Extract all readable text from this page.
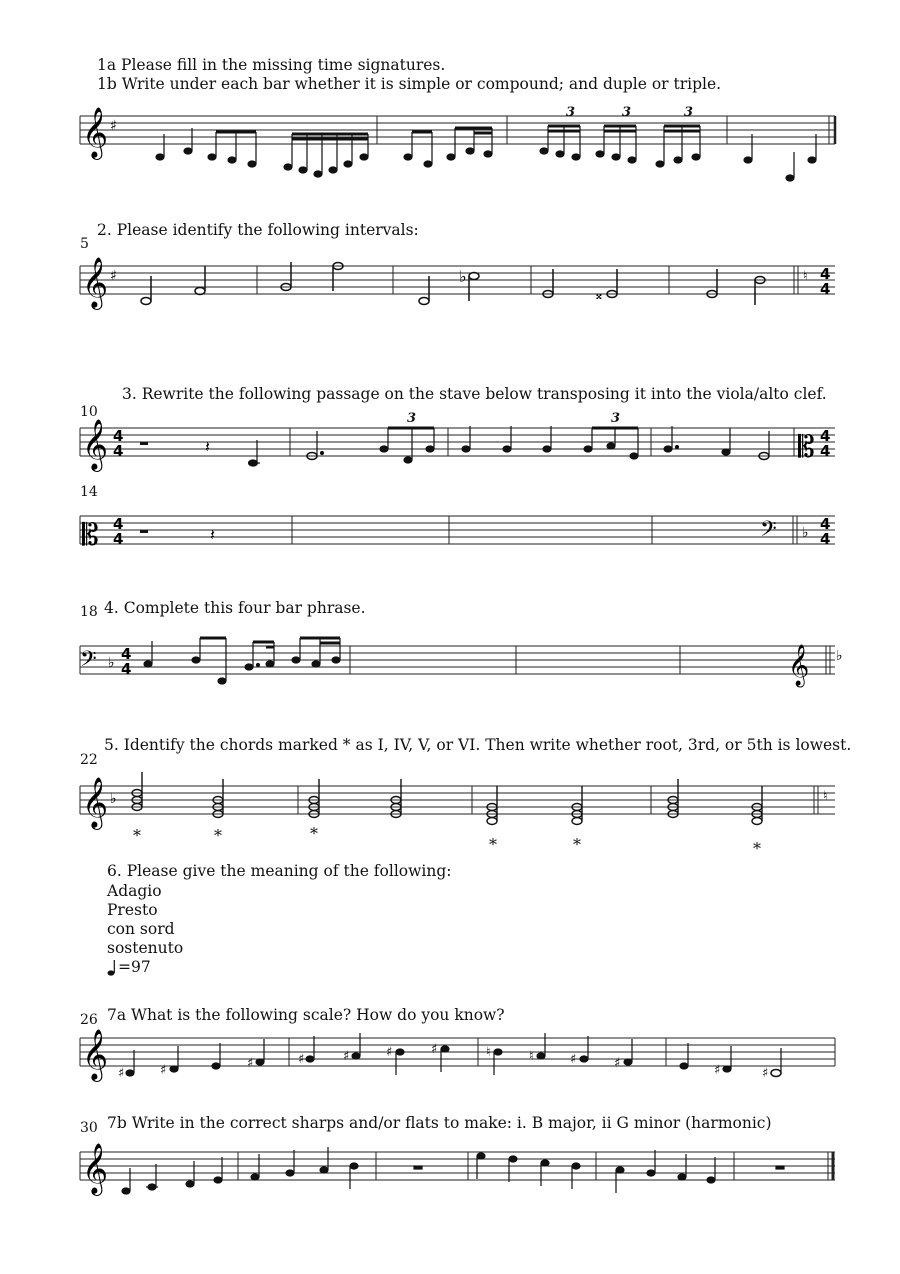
1a Please fill in the missing time signatures.
1b Write under each bar whether it is simple or compound; and duple or triple.
𝄞 ♯
3	3	3
5
2. Please identify the following intervals:
𝄞 ♯	♭
𝄪
♮ 4
4
3. Rewrite the following passage on the stave below transposing it into the viola/alto clef.
10
𝄞 4
4	𝄽
3	3
𝄡 4
4
14
𝄡 4
4	𝄽	𝄢 ♭ 4
4
18 4. Complete this four bar phrase.
𝄢 ♭ 4
4	𝄞 ♭
5. Identify the chords marked * as I, IV, V, or VI. Then write whether root, 3rd, or 5th is lowest.
22
𝄞 ♭
*	*	*
*	*	*
♮
6. Please give the meaning of the following:
Adagio
Presto
con sord
sostenuto
=97
26 7a What is the following scale? How do you know?
𝄞 ♯	♯	♯	♯	♯	♯	♯	♮	♮	♯	♯	♯	♯
30 7b Write in the correct sharps and/or flats to make: i. B major, ii G minor (harmonic)
𝄞
